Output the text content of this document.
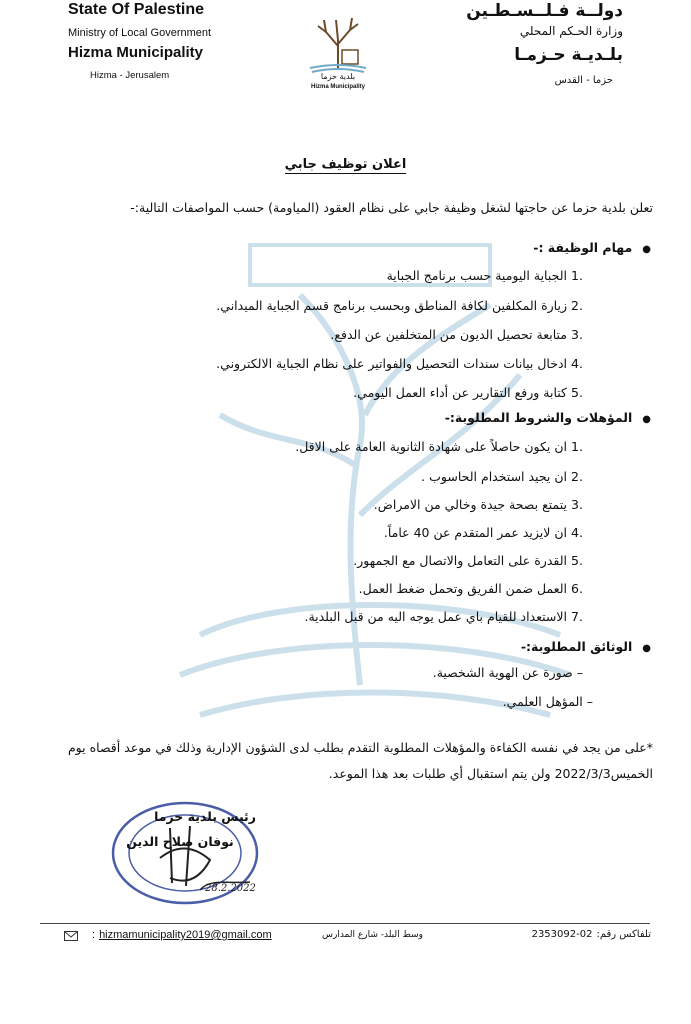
State Of Palestine
Ministry of Local Government
Hizma Municipality
Hizma - Jerusalem	بلدية حزما
Hizma Municipality
دولــة فـلــسـطـين
وزارة الحـكم المحلي
بلـديـة حـزمـا
حزما - القدس
اعلان توظيف جابي
تعلن بلدية حزما عن حاجتها لشغل وظيفة جابي على نظام العقود (المياومة) حسب المواصفات التالية:-
●مهام الوظيفة :-
.1الجباية اليومية حسب برنامج الجباية
.2زيارة المكلفين لكافة المناطق وبحسب برنامج قسم الجباية الميداني.
.3متابعة تحصيل الديون من المتخلفين عن الدفع.
.4ادخال بيانات سندات التحصيل والفواتير على نظام الجباية الالكتروني.
.5كتابة ورفع التقارير عن أداء العمل اليومي.
●المؤهلات والشروط المطلوبة:-
.1ان يكون حاصلاً على شهادة الثانوية العامة على الاقل.
.2ان يجيد استخدام الحاسوب .
.3يتمتع بصحة جيدة وخالي من الامراض.
.4ان لايزيد عمر المتقدم عن 40 عاماً.
.5القدرة على التعامل والاتصال مع الجمهور.
.6العمل ضمن الفريق وتحمل ضغط العمل.
.7الاستعداد للقيام باي عمل يوجه اليه من قبل البلدية.
●الوثائق المطلوبة:-
– صورة عن الهوية الشخصية.
– المؤهل العلمي.
*على من يجد في نفسه الكفاءة والمؤهلات المطلوبة التقدم بطلب لدى الشؤون الإدارية وذلك في موعد أقصاه يوم
الخميس2022/3/3 ولن يتم استقبال أي طلبات بعد هذا الموعد.
رئيس بلدية حزما
نوفان صلاح الدين
28.2.2022
: hizmamunicipality2019@gmail.com	وسط البلد- شارع المدارس	تلفاكس رقم:02-2353092
